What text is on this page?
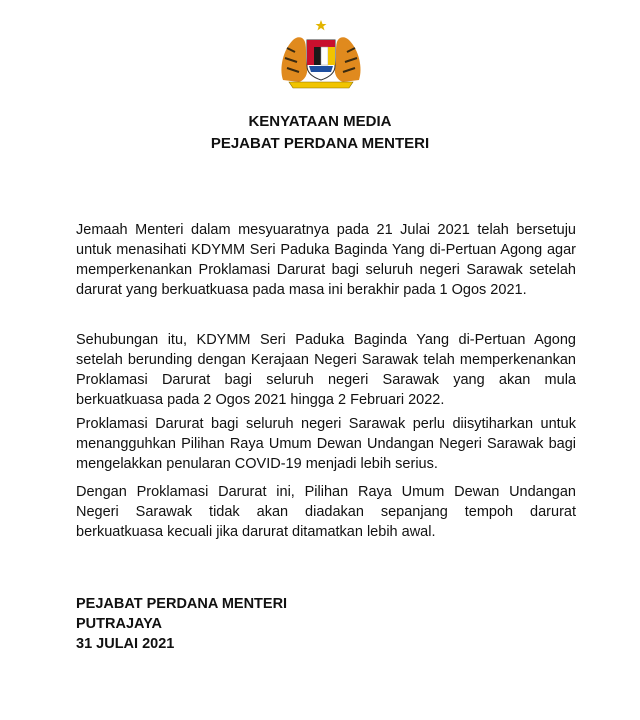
KENYATAAN MEDIA
PEJABAT PERDANA MENTERI

Jemaah Menteri dalam mesyuaratnya pada 21 Julai 2021 telah bersetuju untuk menasihati KDYMM Seri Paduka Baginda Yang di-Pertuan Agong agar memperkenankan Proklamasi Darurat bagi seluruh negeri Sarawak setelah darurat yang berkuatkuasa pada masa ini berakhir pada 1 Ogos 2021.

Sehubungan itu, KDYMM Seri Paduka Baginda Yang di-Pertuan Agong setelah berunding dengan Kerajaan Negeri Sarawak telah memperkenankan Proklamasi Darurat bagi seluruh negeri Sarawak yang akan mula berkuatkuasa pada 2 Ogos 2021 hingga 2 Februari 2022.

Proklamasi Darurat bagi seluruh negeri Sarawak perlu diisytiharkan untuk menangguhkan Pilihan Raya Umum Dewan Undangan Negeri Sarawak bagi mengelakkan penularan COVID-19 menjadi lebih serius.

Dengan Proklamasi Darurat ini, Pilihan Raya Umum Dewan Undangan Negeri Sarawak tidak akan diadakan sepanjang tempoh darurat berkuatkuasa kecuali jika darurat ditamatkan lebih awal.

PEJABAT PERDANA MENTERI
PUTRAJAYA
31 JULAI 2021
